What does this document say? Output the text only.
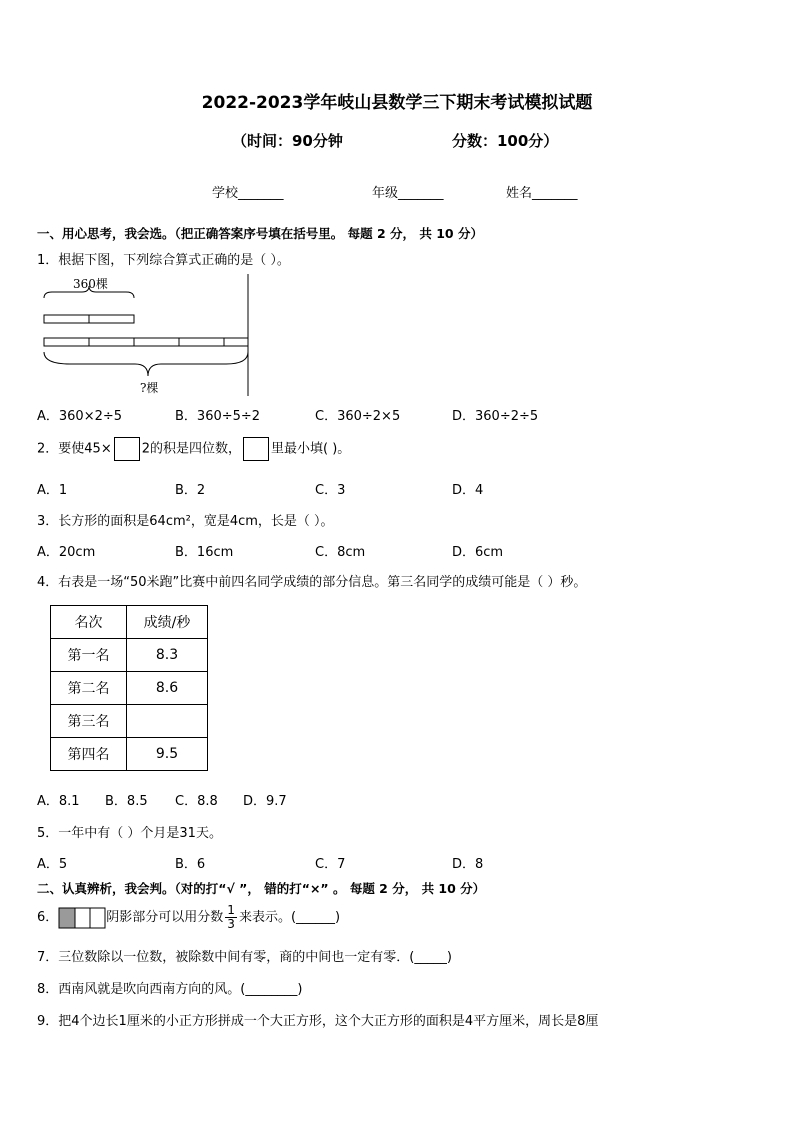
2022-2023学年岐山县数学三下期末考试模拟试题
（时间：90分钟	分数：100分）
学校_______	年级_______	姓名_______
一、用心思考，我会选。（把正确答案序号填在括号里。 每题 2 分， 共 10 分）
1．根据下图，下列综合算式正确的是（ ）。
360棵
?棵
A．360×2÷5	B．360÷5÷2	C．360÷2×5	D．360÷2÷5
2．要使45× 2的积是四位数， 里最小填( )。
A．1	B．2	C．3	D．4
3．长方形的面积是64cm²，宽是4cm，长是（ ）。
A．20cm	B．16cm	C．8cm	D．6cm
4．右表是一场“50米跑”比赛中前四名同学成绩的部分信息。第三名同学的成绩可能是（ ）秒。
名次	成绩/秒
第一名	8.3
第二名	8.6
第三名	
第四名	9.5
A．8.1 B．8.5 C．8.8 D．9.7
5．一年中有（ ）个月是31天。
A．5	B．6	C．7	D．8
二、认真辨析，我会判。（对的打“√ ”， 错的打“×” 。 每题 2 分， 共 10 分）
6．	阴影部分可以用分数 $\frac{1}{3}$ 来表示。(______)
7．三位数除以一位数，被除数中间有零，商的中间也一定有零．(_____)
8．西南风就是吹向西南方向的风。(________)
9．把4个边长1厘米的小正方形拼成一个大正方形，这个大正方形的面积是4平方厘米，周长是8厘
